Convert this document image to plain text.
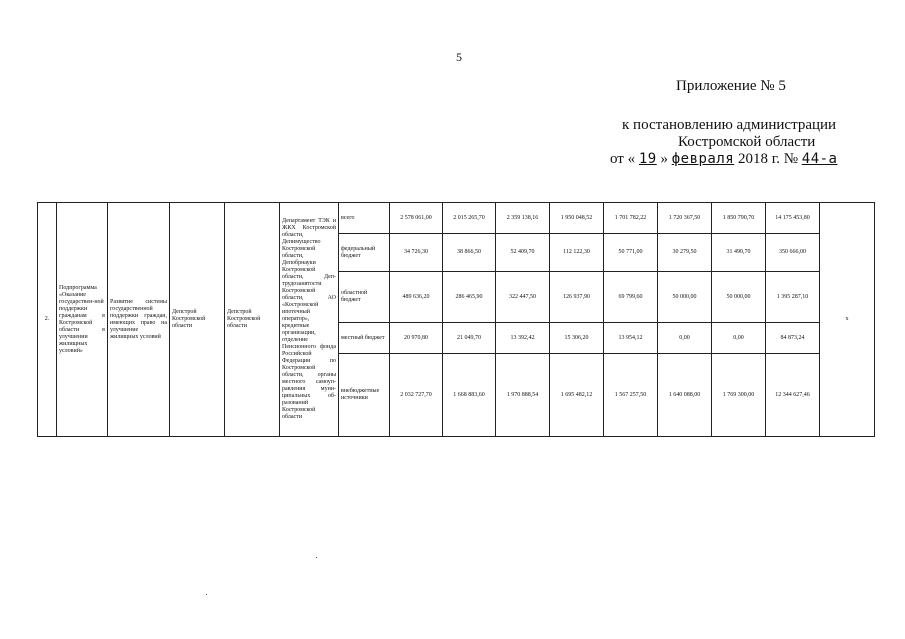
5
Приложение № 5
к постановлению администрации
Костромской области
от « 19 » февраля 2018 г. № 44-а
2.	Подпрограмма «Оказание государствен-ной поддержки гражданам в Костромской области в улучшении жилищных условий»	Развитие системы государственной поддержки граждан, имеющих право на улучшение жилищных условий	Депстрой Костромской области	Депстрой Костромской области	Департамент ТЭК и ЖКХ Костромской области, Депимущество Костромской области, Депобрнауки Костромской области, Деп-трудозанятости Костромской области, АО «Костромской ипотечный оператор», кредитные организации, отделение Пенсионного фонда Российской Федерации по Костромской области, органы местного самоуп-равления муни-ципальных об-разований Костромской области	всего	2 578 061,00	2 015 265,70	2 359 138,16	1 950 048,52	1 701 782,22	1 720 367,50	1 850 790,70	14 175 453,80	х
						федеральный бюджет	34 726,30	38 866,50	52 409,70	112 122,30	50 771,00	30 279,50	31 490,70	350 666,00	
						областной бюджет	489 636,20	286 465,90	322 447,50	126 937,90	69 799,60	50 000,00	50 000,00	1 395 287,10	
						местный бюджет	20 970,80	21 049,70	13 392,42	15 306,20	13 954,12	0,00	0,00	84 873,24	
						внебюджетные источники	2 032 727,70	1 668 883,60	1 970 888,54	1 695 482,12	1 567 257,50	1 640 088,00	1 769 300,00	12 344 627,46	
